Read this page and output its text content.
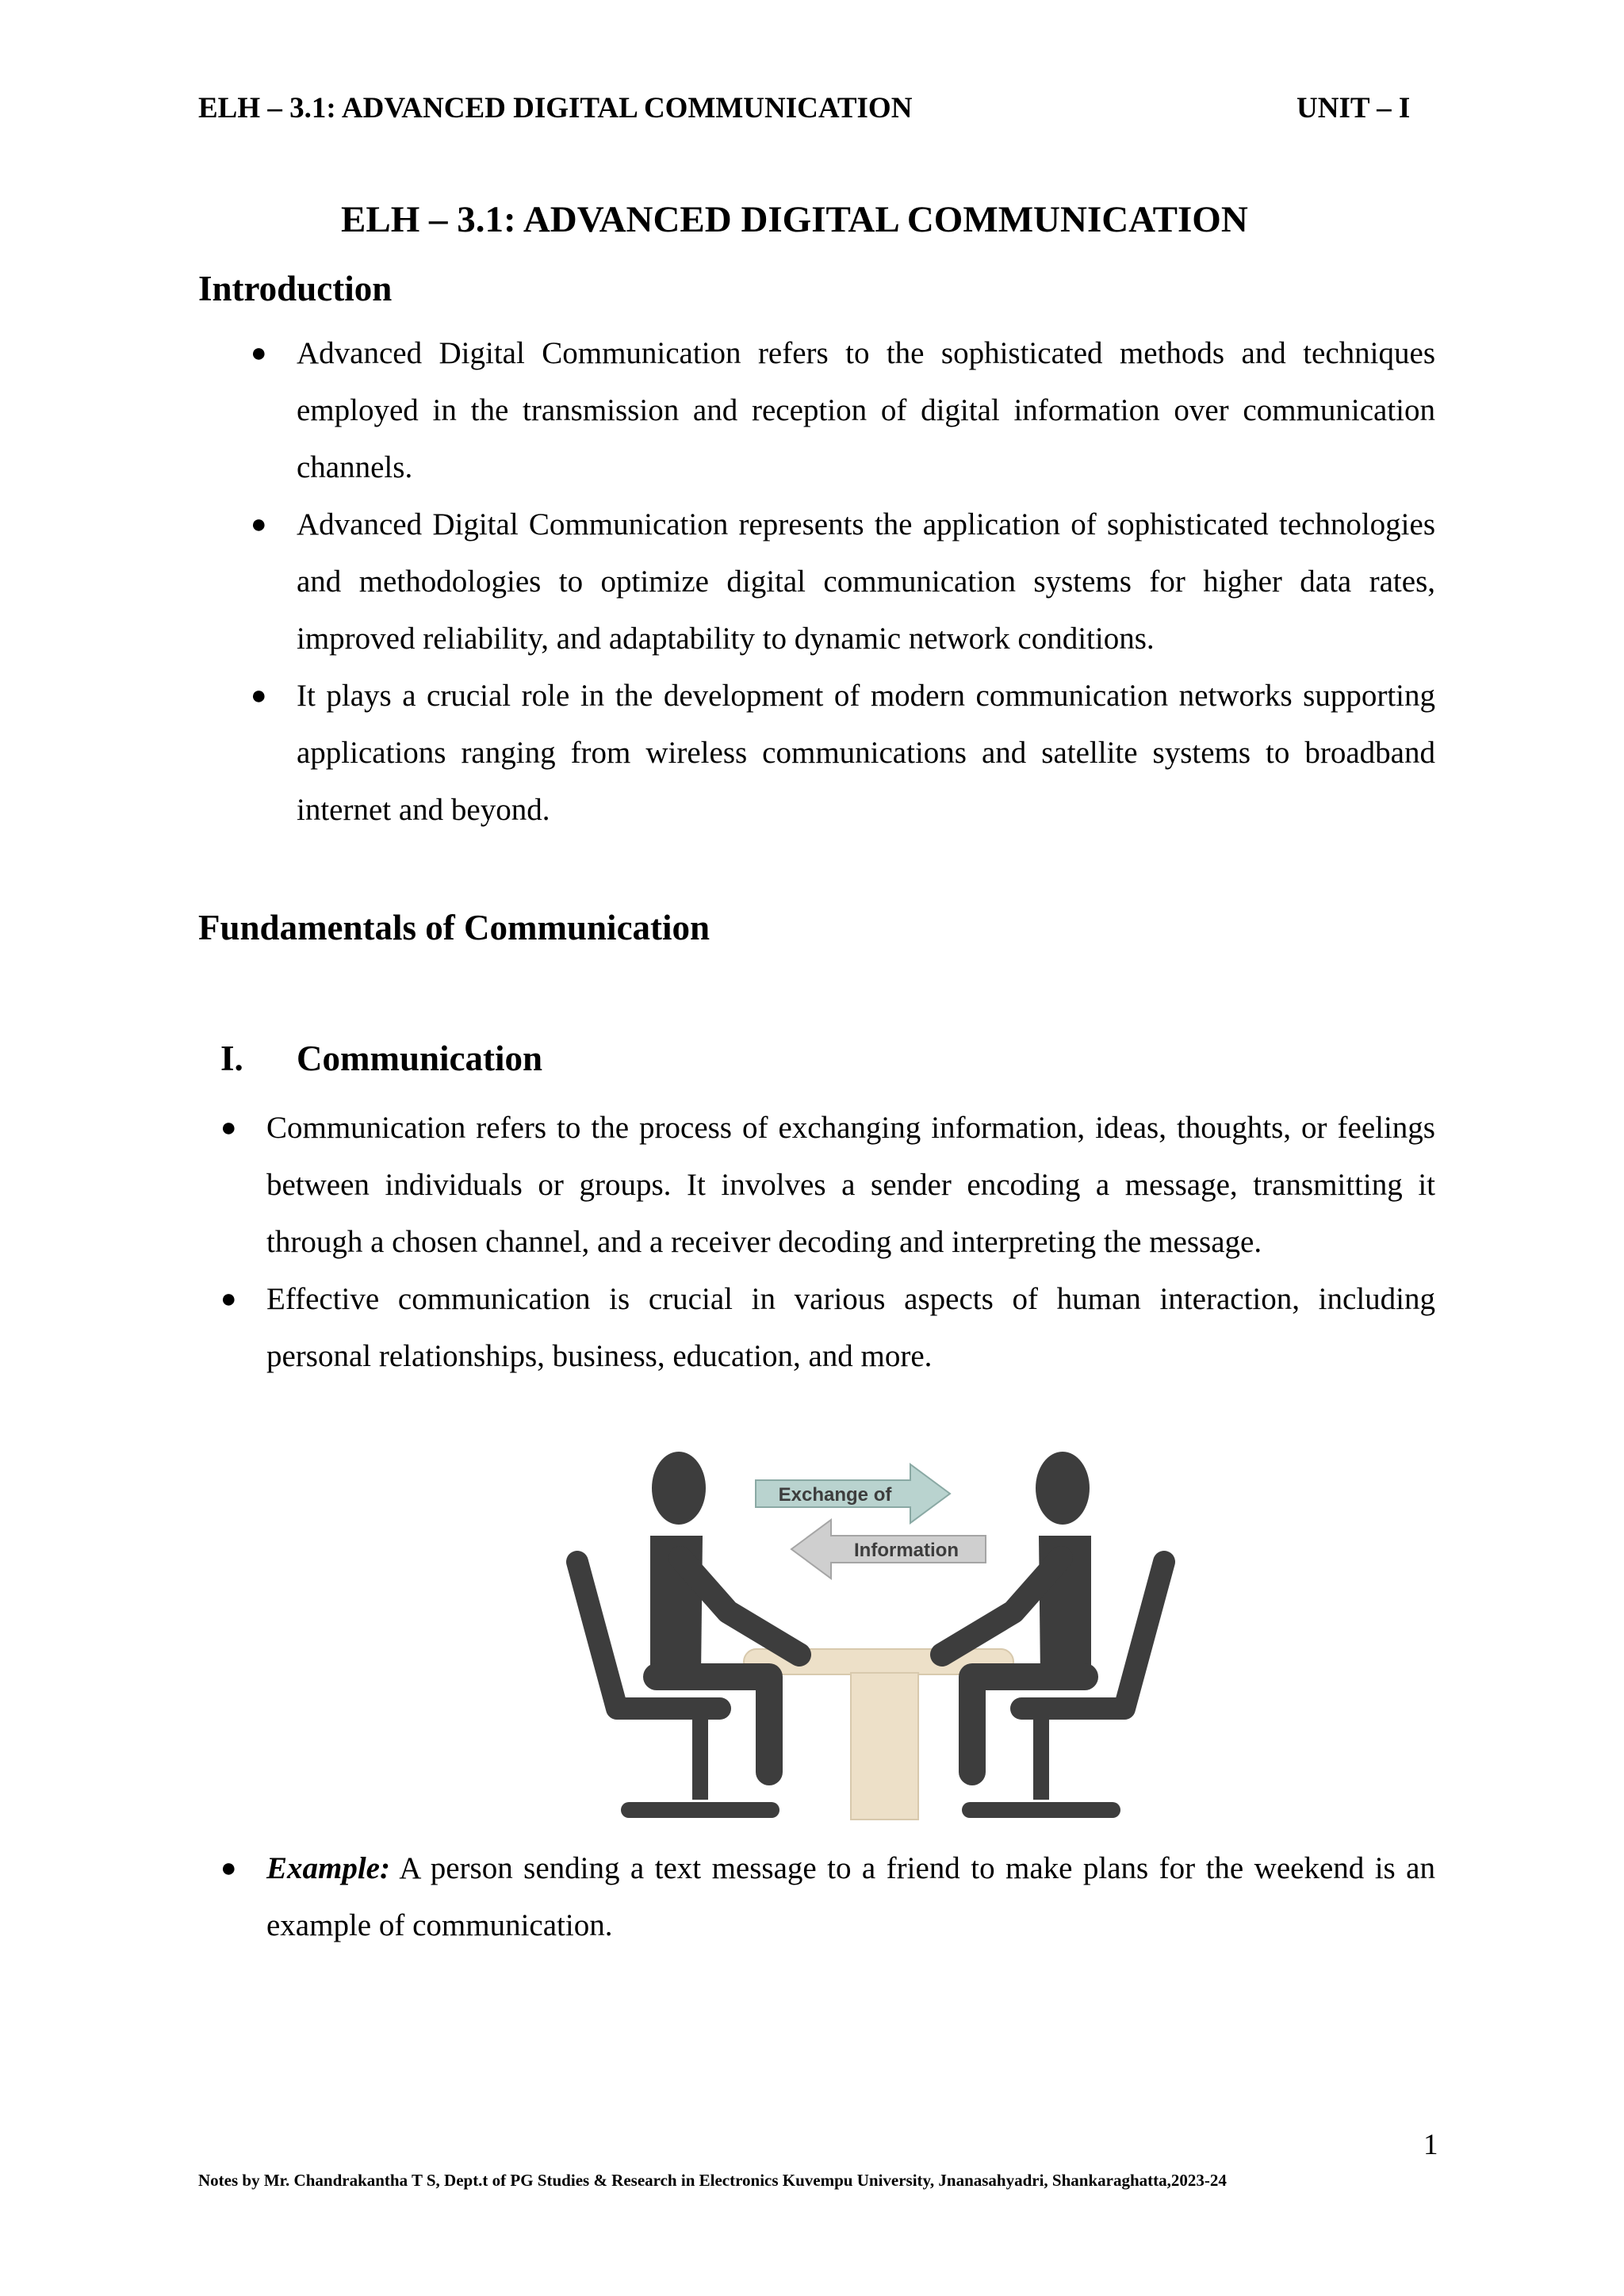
ELH – 3.1: ADVANCED DIGITAL COMMUNICATION	UNIT – I
ELH – 3.1: ADVANCED DIGITAL COMMUNICATION
Introduction
● Advanced Digital Communication refers to the sophisticated methods and techniques employed in the transmission and reception of digital information over communication channels.
● Advanced Digital Communication represents the application of sophisticated technologies and methodologies to optimize digital communication systems for higher data rates, improved reliability, and adaptability to dynamic network conditions.
● It plays a crucial role in the development of modern communication networks supporting applications ranging from wireless communications and satellite systems to broadband internet and beyond.
Fundamentals of Communication
I. Communication
● Communication refers to the process of exchanging information, ideas, thoughts, or feelings between individuals or groups. It involves a sender encoding a message, transmitting it through a chosen channel, and a receiver decoding and interpreting the message.
● Effective communication is crucial in various aspects of human interaction, including personal relationships, business, education, and more.
Exchange of
Information
● Example: A person sending a text message to a friend to make plans for the weekend is an example of communication.
1
Notes by Mr. Chandrakantha T S, Dept.t of PG Studies & Research in Electronics Kuvempu University, Jnanasahyadri, Shankaraghatta,2023-24
